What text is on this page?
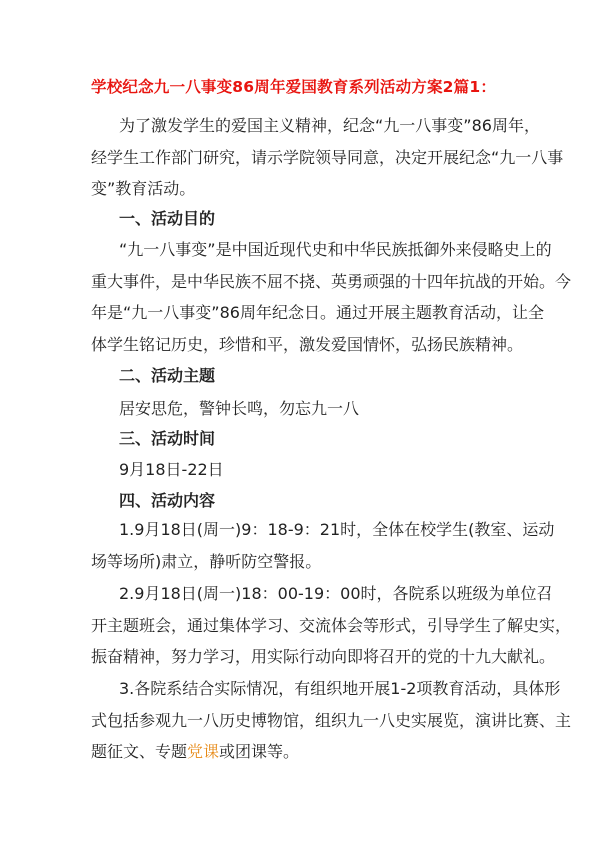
学校纪念九一八事变86周年爱国教育系列活动方案2篇1：
为了激发学生的爱国主义精神，纪念“九一八事变”86周年，
经学生工作部门研究，请示学院领导同意，决定开展纪念“九一八事
变”教育活动。
一、活动目的
“九一八事变”是中国近现代史和中华民族抵御外来侵略史上的
重大事件，是中华民族不屈不挠、英勇顽强的十四年抗战的开始。今
年是“九一八事变”86周年纪念日。通过开展主题教育活动，让全
体学生铭记历史，珍惜和平，激发爱国情怀，弘扬民族精神。
二、活动主题
居安思危，警钟长鸣，勿忘九一八
三、活动时间
9月18日-22日
四、活动内容
1.9月18日(周一)9：18-9：21时，全体在校学生(教室、运动
场等场所)肃立，静听防空警报。
2.9月18日(周一)18：00-19：00时，各院系以班级为单位召
开主题班会，通过集体学习、交流体会等形式，引导学生了解史实，
振奋精神，努力学习，用实际行动向即将召开的党的十九大献礼。
3.各院系结合实际情况，有组织地开展1-2项教育活动，具体形
式包括参观九一八历史博物馆，组织九一八史实展览，演讲比赛、主
题征文、专题党课或团课等。
